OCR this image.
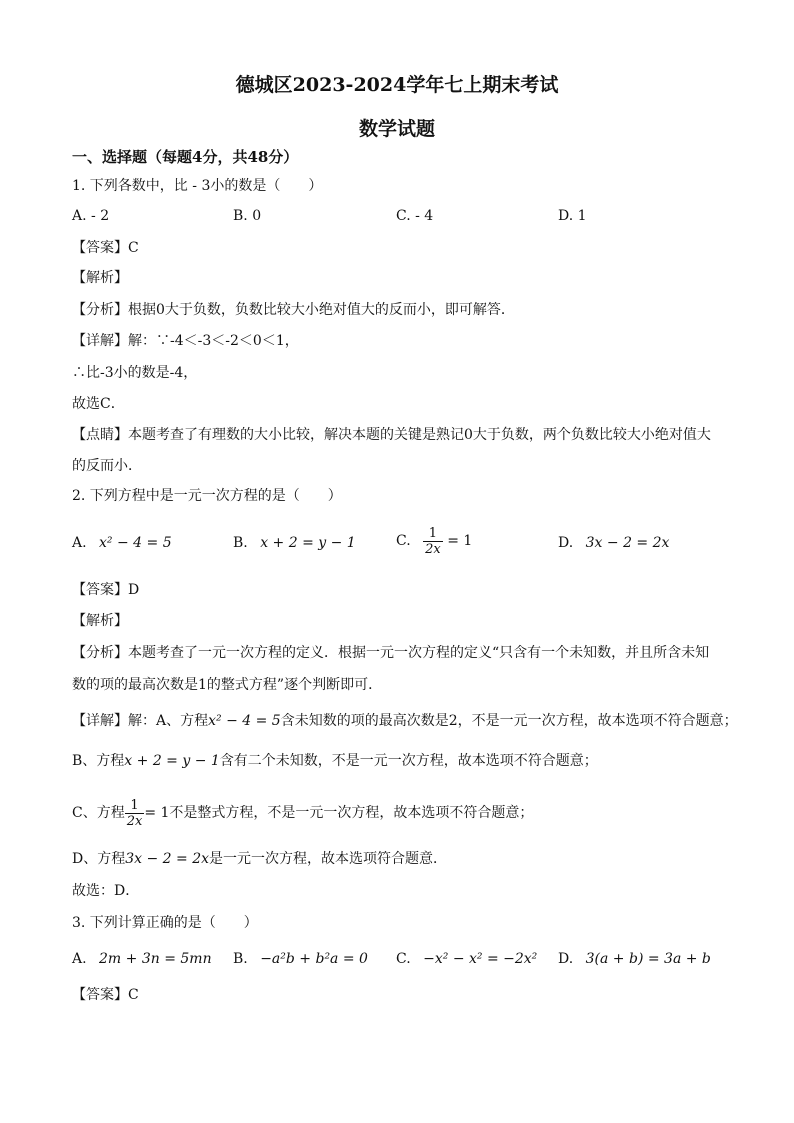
德城区2023-2024学年七上期末考试
数学试题
一、选择题（每题4分，共48分）
1. 下列各数中，比 - 3小的数是（　　）
A. - 2	B. 0	C. - 4	D. 1
【答案】C
【解析】
【分析】根据0大于负数，负数比较大小绝对值大的反而小，即可解答．
【详解】解：∵-4＜-3＜-2＜0＜1，
∴比-3小的数是-4，
故选C．
【点睛】本题考查了有理数的大小比较，解决本题的关键是熟记0大于负数，两个负数比较大小绝对值大
的反而小．
2. 下列方程中是一元一次方程的是（　　）
A. x² − 4 = 5	B. x + 2 = y − 1	C. $\frac{1}{2x} = 1$	D. 3x − 2 = 2x
【答案】D
【解析】
【分析】本题考查了一元一次方程的定义．根据一元一次方程的定义“只含有一个未知数，并且所含未知
数的项的最高次数是1的整式方程”逐个判断即可．
【详解】解：A、方程x² − 4 = 5含未知数的项的最高次数是2，不是一元一次方程，故本选项不符合题意；
B、方程x + 2 = y − 1含有二个未知数，不是一元一次方程，故本选项不符合题意；
C、方程 $\frac{1}{2x} = 1$不是整式方程，不是一元一次方程，故本选项不符合题意；
D、方程3x − 2 = 2x是一元一次方程，故本选项符合题意．
故选：D．
3. 下列计算正确的是（　　）
A. 2m + 3n = 5mn B. −a²b + b²a = 0 C. −x² − x² = −2x² D. 3(a + b) = 3a + b
【答案】C
